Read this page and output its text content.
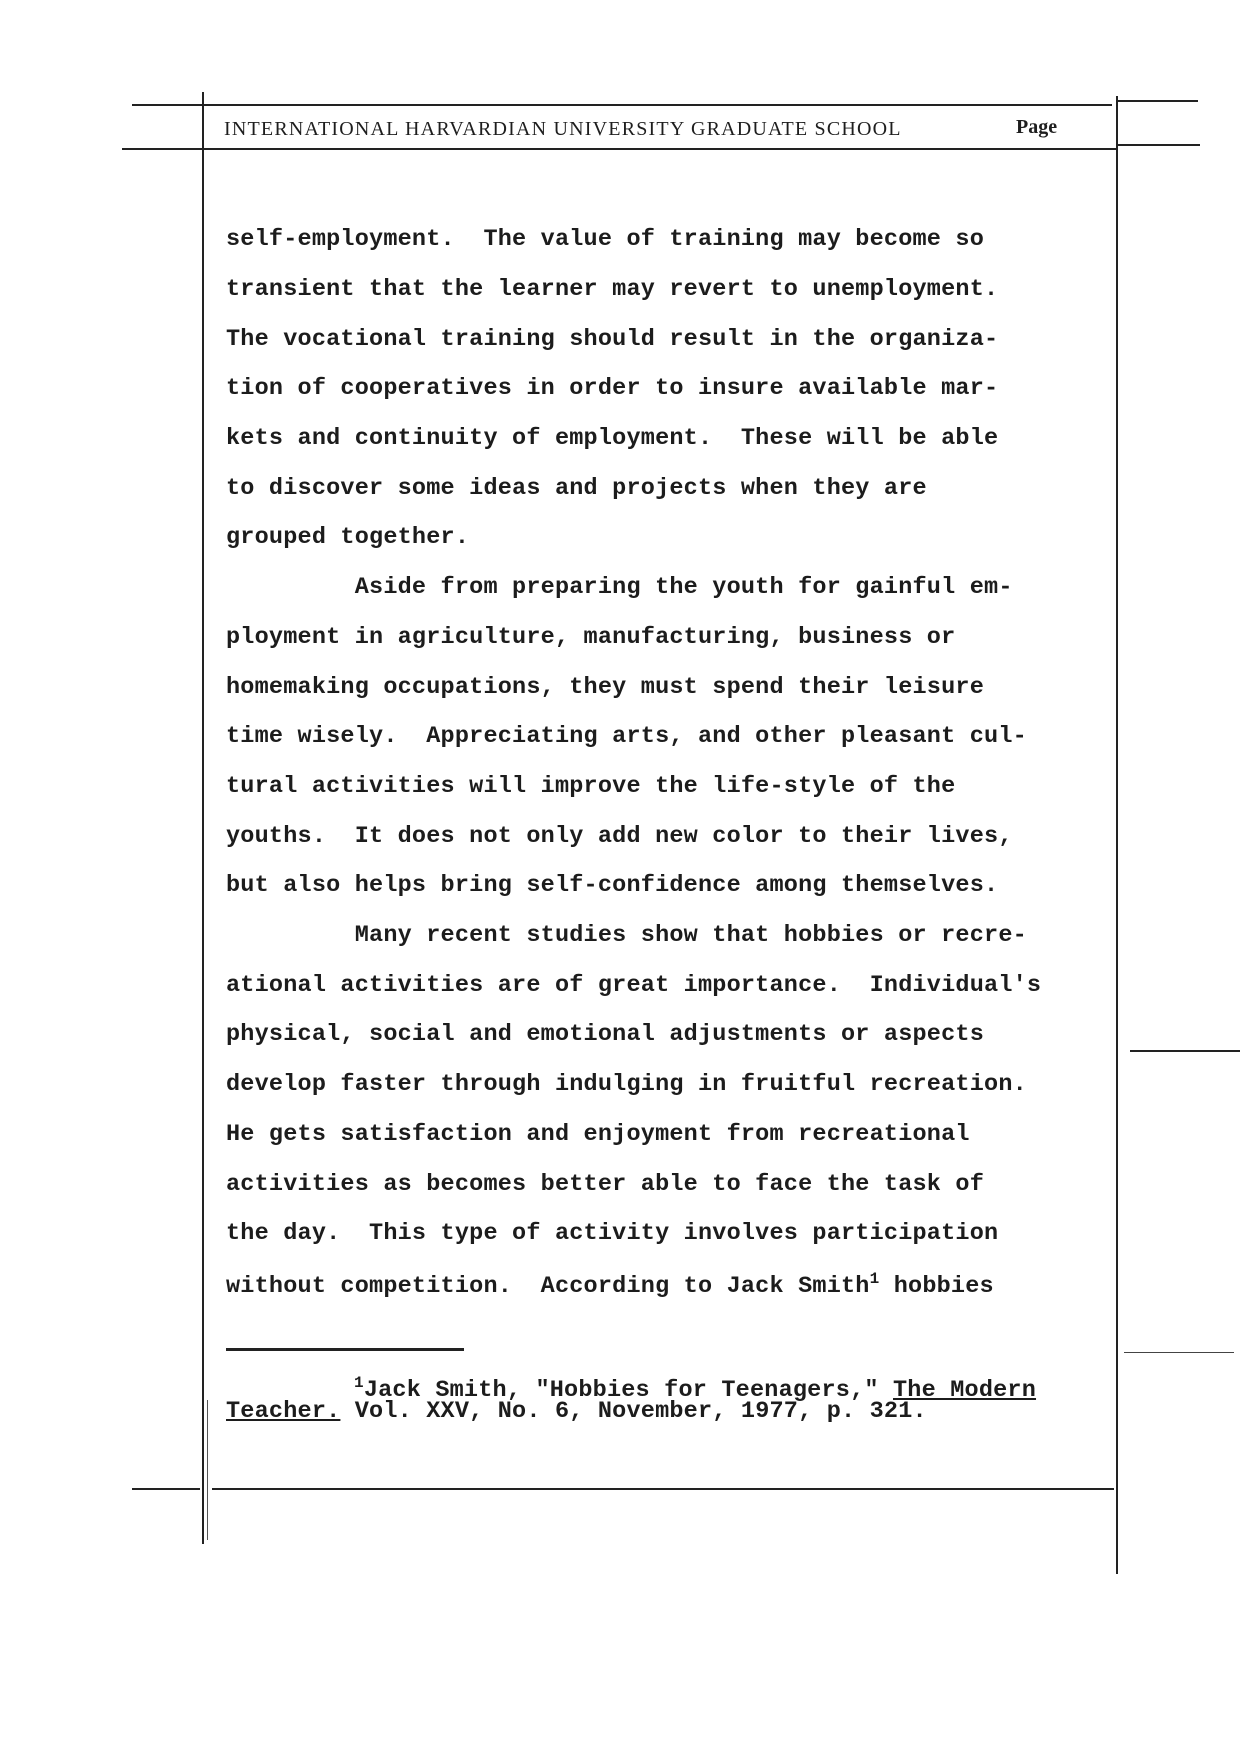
INTERNATIONAL HARVARDIAN UNIVERSITY GRADUATE SCHOOL	Page
self-employment.  The value of training may become so
transient that the learner may revert to unemployment.
The vocational training should result in the organiza-
tion of cooperatives in order to insure available mar-
kets and continuity of employment.  These will be able
to discover some ideas and projects when they are
grouped together.
Aside from preparing the youth for gainful em-
ployment in agriculture, manufacturing, business or
homemaking occupations, they must spend their leisure
time wisely.  Appreciating arts, and other pleasant cul-
tural activities will improve the life-style of the
youths.  It does not only add new color to their lives,
but also helps bring self-confidence among themselves.
Many recent studies show that hobbies or recre-
ational activities are of great importance.  Individual's
physical, social and emotional adjustments or aspects
develop faster through indulging in fruitful recreation.
He gets satisfaction and enjoyment from recreational
activities as becomes better able to face the task of
the day.  This type of activity involves participation
without competition.  According to Jack Smith$^1$ hobbies
$^1$Jack Smith, "Hobbies for Teenagers," The Modern
Teacher. Vol. XXV, No. 6, November, 1977, p. 321.
